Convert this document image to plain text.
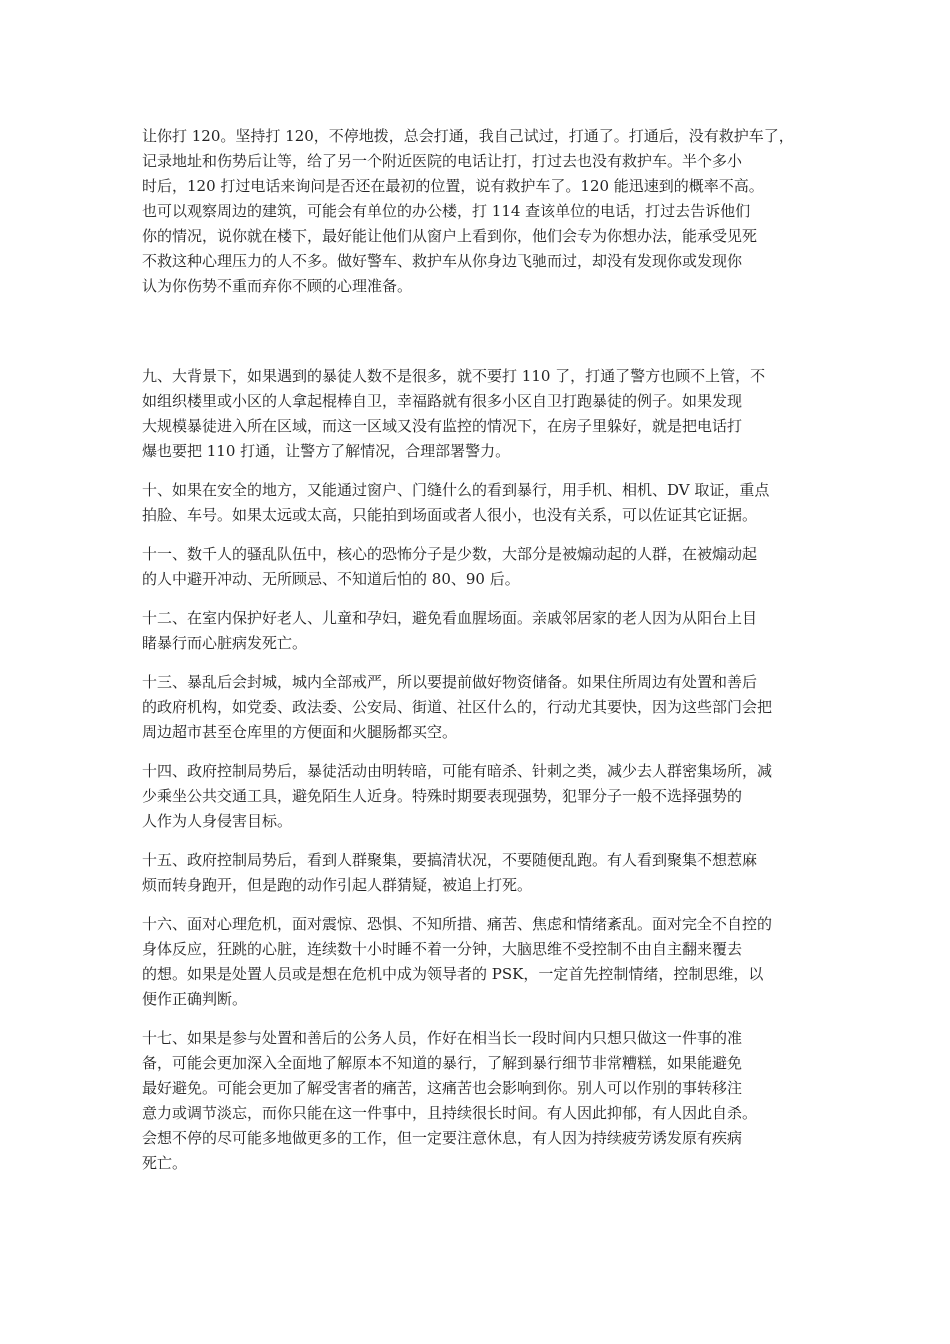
让你打 120。坚持打 120，不停地拨，总会打通，我自己试过，打通了。打通后，没有救护车了，
记录地址和伤势后让等，给了另一个附近医院的电话让打，打过去也没有救护车。半个多小
时后，120 打过电话来询问是否还在最初的位置，说有救护车了。120 能迅速到的概率不高。
也可以观察周边的建筑，可能会有单位的办公楼，打 114 查该单位的电话，打过去告诉他们
你的情况，说你就在楼下，最好能让他们从窗户上看到你，他们会专为你想办法，能承受见死
不救这种心理压力的人不多。做好警车、救护车从你身边飞驰而过，却没有发现你或发现你
认为你伤势不重而弃你不顾的心理准备。

九、大背景下，如果遇到的暴徒人数不是很多，就不要打 110 了，打通了警方也顾不上管，不
如组织楼里或小区的人拿起棍棒自卫，幸福路就有很多小区自卫打跑暴徒的例子。如果发现
大规模暴徒进入所在区域，而这一区域又没有监控的情况下，在房子里躲好，就是把电话打
爆也要把 110 打通，让警方了解情况，合理部署警力。

十、如果在安全的地方，又能通过窗户、门缝什么的看到暴行，用手机、相机、DV 取证，重点
拍脸、车号。如果太远或太高，只能拍到场面或者人很小，也没有关系，可以佐证其它证据。

十一、数千人的骚乱队伍中，核心的恐怖分子是少数，大部分是被煽动起的人群，在被煽动起
的人中避开冲动、无所顾忌、不知道后怕的 80、90 后。

十二、在室内保护好老人、儿童和孕妇，避免看血腥场面。亲戚邻居家的老人因为从阳台上目
睹暴行而心脏病发死亡。

十三、暴乱后会封城，城内全部戒严，所以要提前做好物资储备。如果住所周边有处置和善后
的政府机构，如党委、政法委、公安局、街道、社区什么的，行动尤其要快，因为这些部门会把
周边超市甚至仓库里的方便面和火腿肠都买空。

十四、政府控制局势后，暴徒活动由明转暗，可能有暗杀、针刺之类，减少去人群密集场所，减
少乘坐公共交通工具，避免陌生人近身。特殊时期要表现强势，犯罪分子一般不选择强势的
人作为人身侵害目标。

十五、政府控制局势后，看到人群聚集，要搞清状况，不要随便乱跑。有人看到聚集不想惹麻
烦而转身跑开，但是跑的动作引起人群猜疑，被追上打死。

十六、面对心理危机，面对震惊、恐惧、不知所措、痛苦、焦虑和情绪紊乱。面对完全不自控的
身体反应，狂跳的心脏，连续数十小时睡不着一分钟，大脑思维不受控制不由自主翻来覆去
的想。如果是处置人员或是想在危机中成为领导者的 PSK，一定首先控制情绪，控制思维，以
便作正确判断。

十七、如果是参与处置和善后的公务人员，作好在相当长一段时间内只想只做这一件事的准
备，可能会更加深入全面地了解原本不知道的暴行，了解到暴行细节非常糟糕，如果能避免
最好避免。可能会更加了解受害者的痛苦，这痛苦也会影响到你。别人可以作别的事转移注
意力或调节淡忘，而你只能在这一件事中，且持续很长时间。有人因此抑郁，有人因此自杀。
会想不停的尽可能多地做更多的工作，但一定要注意休息，有人因为持续疲劳诱发原有疾病
死亡。
